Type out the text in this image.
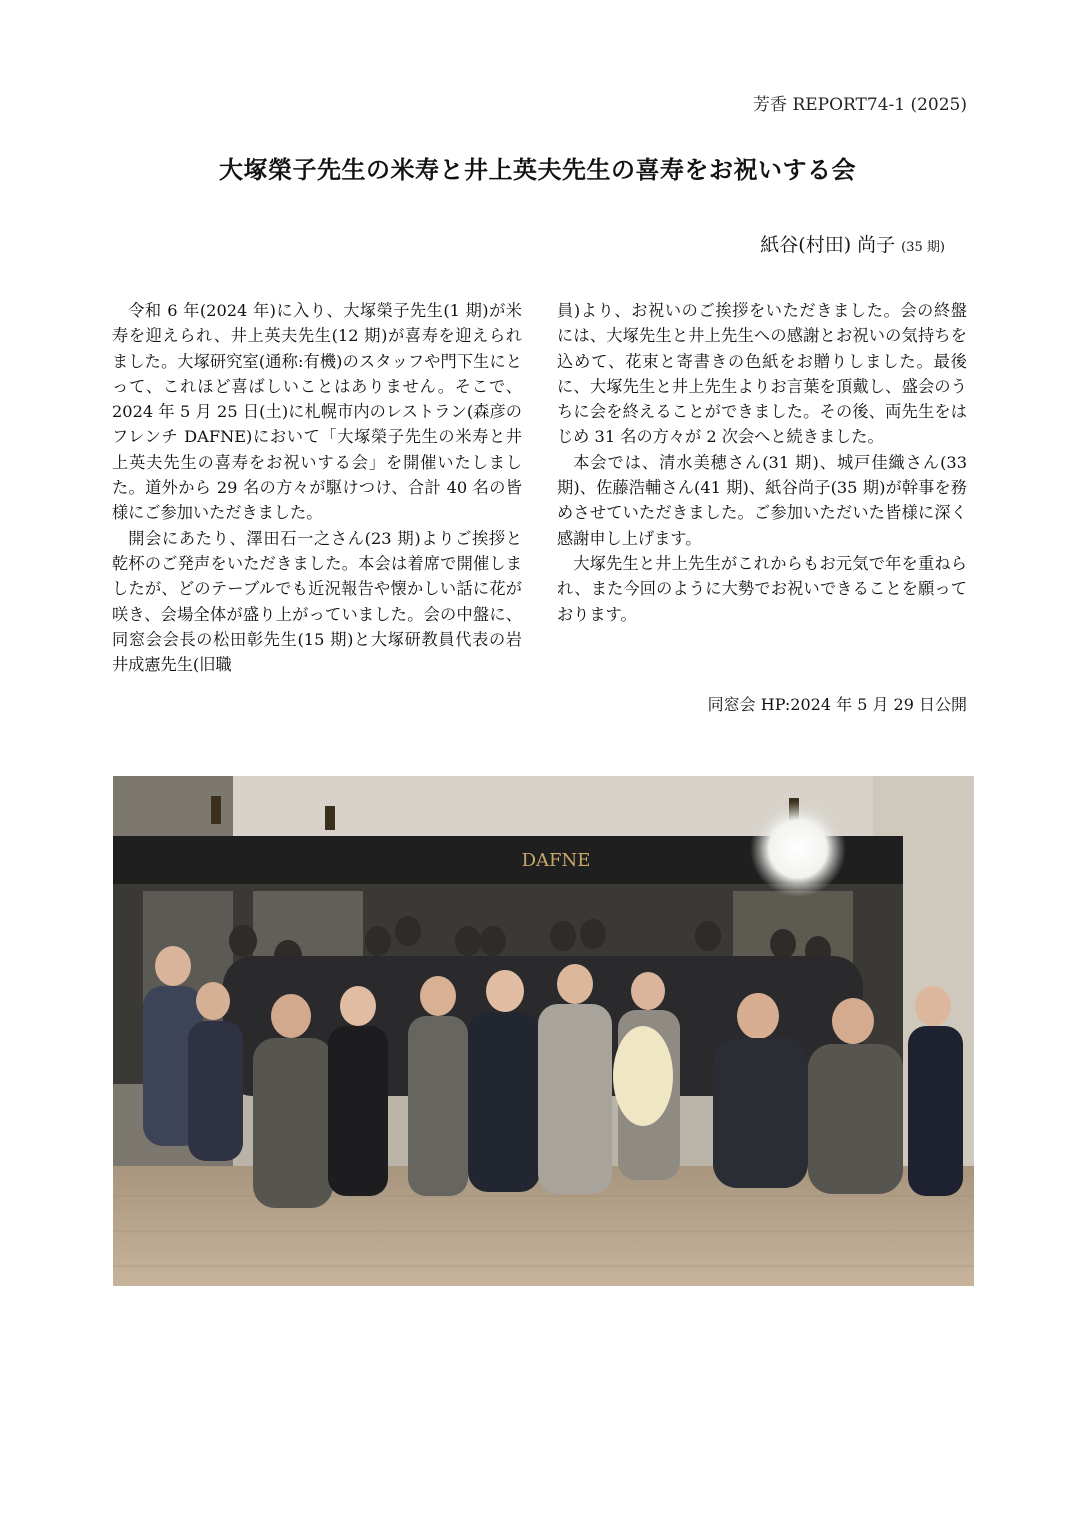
芳香 REPORT74-1 (2025)
大塚榮子先生の米寿と井上英夫先生の喜寿をお祝いする会
紙谷(村田) 尚子 (35 期)

令和 6 年(2024 年)に入り、大塚榮子先生(1 期)が米寿を迎えられ、井上英夫先生(12 期)が喜寿を迎えられました。大塚研究室(通称:有機)のスタッフや門下生にとって、これほど喜ばしいことはありません。そこで、2024 年 5 月 25 日(土)に札幌市内のレストラン(森彦のフレンチ DAFNE)において「大塚榮子先生の米寿と井上英夫先生の喜寿をお祝いする会」を開催いたしました。道外から 29 名の方々が駆けつけ、合計 40 名の皆様にご参加いただきました。

開会にあたり、澤田石一之さん(23 期)よりご挨拶と乾杯のご発声をいただきました。本会は着席で開催しましたが、どのテーブルでも近況報告や懐かしい話に花が咲き、会場全体が盛り上がっていました。会の中盤に、同窓会会長の松田彰先生(15 期)と大塚研教員代表の岩井成憲先生(旧職

員)より、お祝いのご挨拶をいただきました。会の終盤には、大塚先生と井上先生への感謝とお祝いの気持ちを込めて、花束と寄書きの色紙をお贈りしました。最後に、大塚先生と井上先生よりお言葉を頂戴し、盛会のうちに会を終えることができました。その後、両先生をはじめ 31 名の方々が 2 次会へと続きました。

本会では、清水美穂さん(31 期)、城戸佳織さん(33 期)、佐藤浩輔さん(41 期)、紙谷尚子(35 期)が幹事を務めさせていただきました。ご参加いただいた皆様に深く感謝申し上げます。

大塚先生と井上先生がこれからもお元気で年を重ねられ、また今回のように大勢でお祝いできることを願っております。

同窓会 HP:2024 年 5 月 29 日公開
DAFNE
